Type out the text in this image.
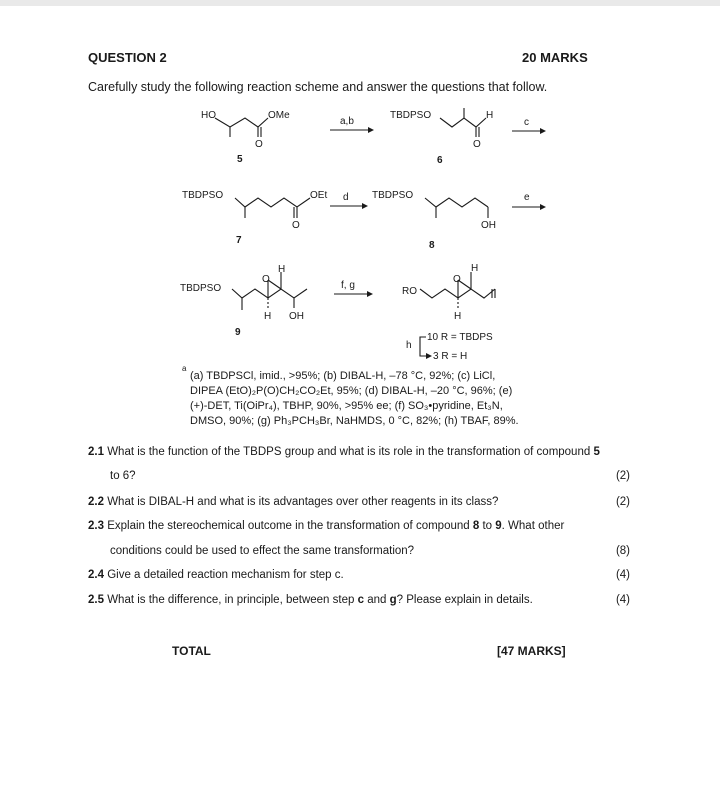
QUESTION 2	20 MARKS
Carefully study the following reaction scheme and answer the questions that follow.
HO	OMe
O
5
a,b
TBDPSO	H
O
6
c
TBDPSO	OEt
O
7
d TBDPSO
OH
8
e
TBDPSO
H
O
H OH
9
f, g
RO
H
O
H
h
10 R = TBDPS
3 R = H
a
(a) TBDPSCl, imid., >95%; (b) DIBAL-H, –78 °C, 92%; (c) LiCl,
DIPEA (EtO)₂P(O)CH₂CO₂Et, 95%; (d) DIBAL-H, –20 °C, 96%; (e)
(+)-DET, Ti(OiPr₄), TBHP, 90%, >95% ee; (f) SO₃•pyridine, Et₃N,
DMSO, 90%; (g) Ph₃PCH₃Br, NaHMDS, 0 °C, 82%; (h) TBAF, 89%.
2.1 What is the function of the TBDPS group and what is its role in the transformation of compound 5
to 6?	(2)
2.2 What is DIBAL-H and what is its advantages over other reagents in its class?	(2)
2.3 Explain the stereochemical outcome in the transformation of compound 8 to 9. What other
conditions could be used to effect the same transformation?	(8)
2.4 Give a detailed reaction mechanism for step c.	(4)
2.5 What is the difference, in principle, between step c and g? Please explain in details.	(4)
TOTAL	[47 MARKS]
